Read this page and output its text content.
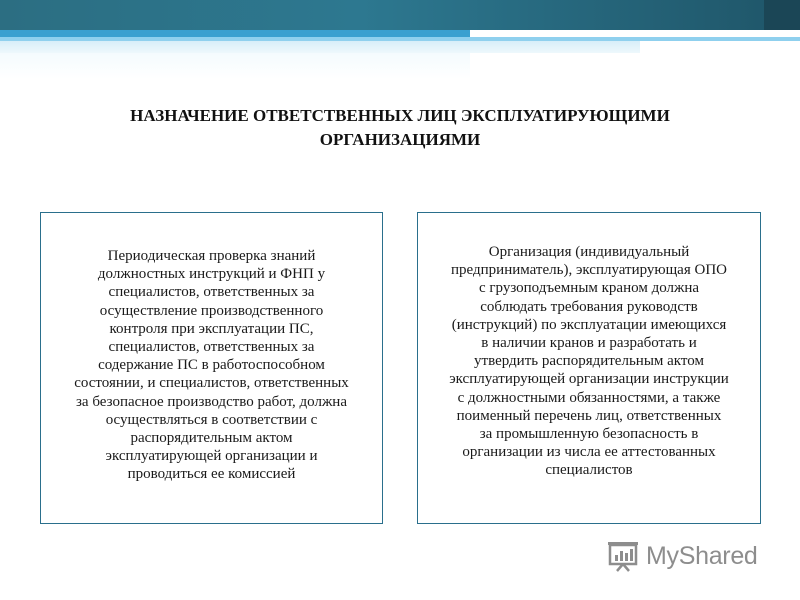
НАЗНАЧЕНИЕ ОТВЕТСТВЕННЫХ ЛИЦ ЭКСПЛУАТИРУЮЩИМИ ОРГАНИЗАЦИЯМИ

Периодическая проверка знаний
должностных инструкций и ФНП у
специалистов, ответственных за
осуществление производственного
контроля при эксплуатации ПС,
специалистов, ответственных за
содержание ПС в работоспособном
состоянии, и специалистов, ответственных
за безопасное производство работ, должна
осуществляться в соответствии с
распорядительным актом
эксплуатирующей организации и
проводиться ее комиссией

Организация (индивидуальный
предприниматель), эксплуатирующая ОПО
с грузоподъемным краном должна
соблюдать требования руководств
(инструкций) по эксплуатации имеющихся
в наличии кранов и разработать и
утвердить распорядительным актом
эксплуатирующей организации инструкции
с должностными обязанностями, а также
поименный перечень лиц, ответственных
за промышленную безопасность в
организации из числа ее аттестованных
специалистов

MyShared
